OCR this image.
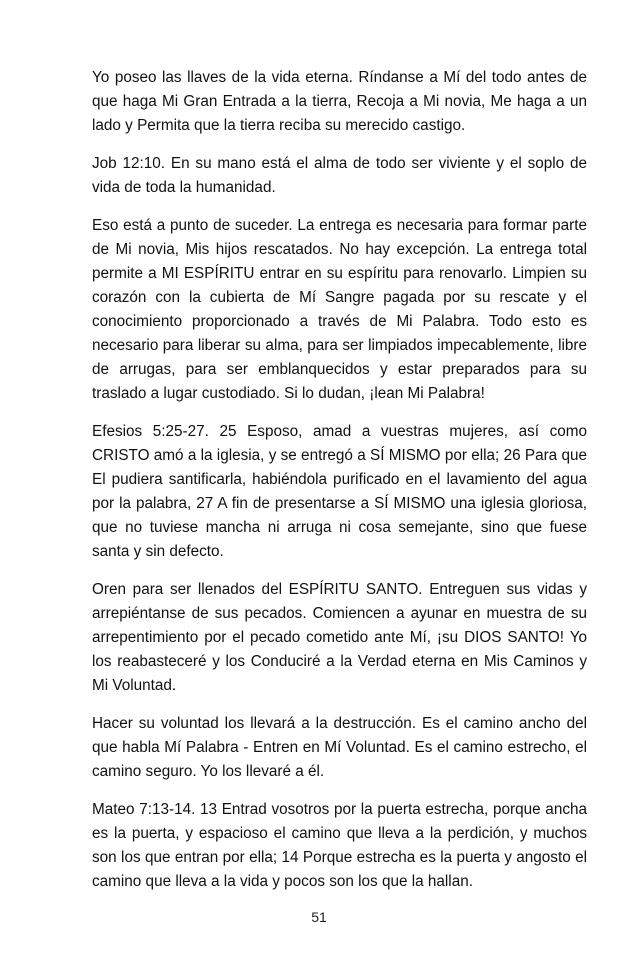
Yo poseo las llaves de la vida eterna. Ríndanse a Mí del todo antes de que haga Mi Gran Entrada a la tierra, Recoja a Mi novia, Me haga a un lado y Permita que la tierra reciba su merecido castigo.

Job 12:10. En su mano está el alma de todo ser viviente y el soplo de vida de toda la humanidad.

Eso está a punto de suceder. La entrega es necesaria para formar parte de Mi novia, Mis hijos rescatados. No hay excepción. La entrega total permite a MI ESPÍRITU entrar en su espíritu para renovarlo. Limpien su corazón con la cubierta de Mí Sangre pagada por su rescate y el conocimiento proporcionado a través de Mi Palabra. Todo esto es necesario para liberar su alma, para ser limpiados impecablemente, libre de arrugas, para ser emblanquecidos y estar preparados para su traslado a lugar custodiado. Si lo dudan, ¡lean Mi Palabra!

Efesios 5:25-27. 25 Esposo, amad a vuestras mujeres, así como CRISTO amó a la iglesia, y se entregó a SÍ MISMO por ella; 26 Para que El pudiera santificarla, habiéndola purificado en el lavamiento del agua por la palabra, 27 A fin de presentarse a SÍ MISMO una iglesia gloriosa, que no tuviese mancha ni arruga ni cosa semejante, sino que fuese santa y sin defecto.

Oren para ser llenados del ESPÍRITU SANTO. Entreguen sus vidas y arrepiéntanse de sus pecados. Comiencen a ayunar en muestra de su arrepentimiento por el pecado cometido ante Mí, ¡su DIOS SANTO! Yo los reabasteceré y los Conduciré a la Verdad eterna en Mis Caminos y Mi Voluntad.

Hacer su voluntad los llevará a la destrucción. Es el camino ancho del que habla Mí Palabra - Entren en Mí Voluntad. Es el camino estrecho, el camino seguro. Yo los llevaré a él.

Mateo 7:13-14. 13 Entrad vosotros por la puerta estrecha, porque ancha es la puerta, y espacioso el camino que lleva a la perdición, y muchos son los que entran por ella; 14 Porque estrecha es la puerta y angosto el camino que lleva a la vida y pocos son los que la hallan.

51
